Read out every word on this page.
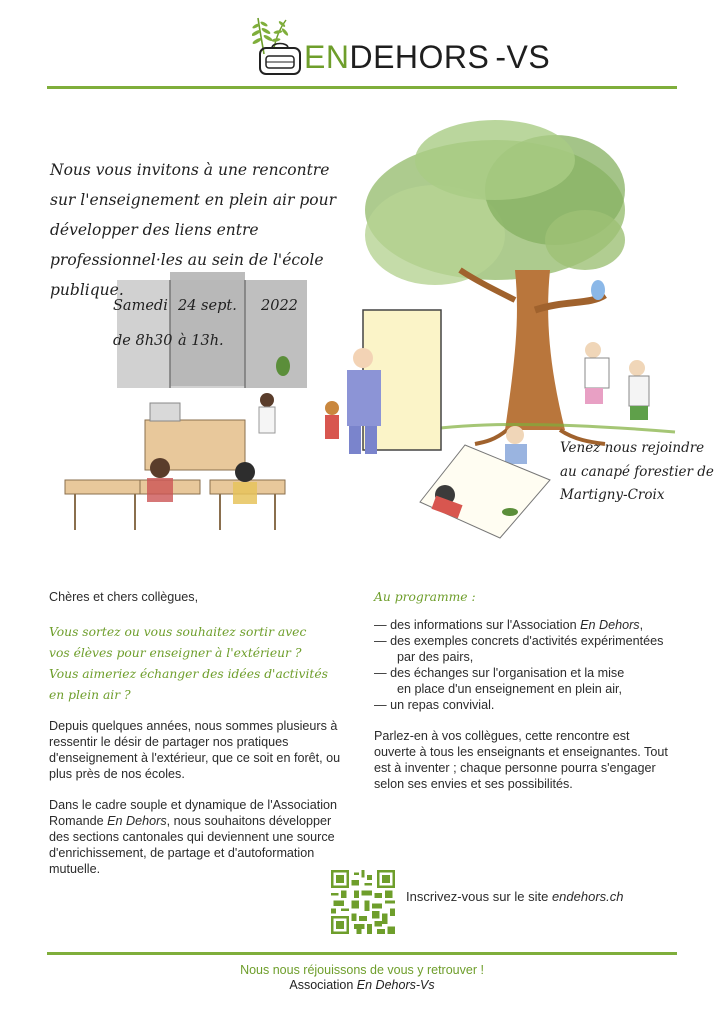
ENDEHORS -VS
Nous vous invitons à une rencontre sur l'enseignement en plein air pour développer des liens entre professionnel·les au sein de l'école publique.
Samedi 24 sept. 2022
de 8h30 à 13h.
Venez nous rejoindre au canapé forestier de Martigny-Croix
Chères et chers collègues,
Vous sortez ou vous souhaitez sortir avec
vos élèves pour enseigner à l'extérieur ?
Vous aimeriez échanger des idées d'activités
en plein air ?
Depuis quelques années, nous sommes plusieurs à ressentir le désir de partager nos pratiques d'enseignement à l'extérieur, que ce soit en forêt, ou plus près de nos écoles.
Dans le cadre souple et dynamique de l'Association Romande En Dehors, nous souhaitons développer des sections cantonales qui deviennent une source d'enrichissement, de partage et d'autoformation mutuelle.
Au programme :
— des informations sur l'Association En Dehors,
— des exemples concrets d'activités expérimentées
par des pairs,
— des échanges sur l'organisation et la mise
en place d'un enseignement en plein air,
— un repas convivial.
Parlez-en à vos collègues, cette rencontre est ouverte à tous les enseignants et enseignantes. Tout est à inventer ; chaque personne pourra s'engager selon ses envies et ses possibilités.
Inscrivez-vous sur le site endehors.ch
Nous nous réjouissons de vous y retrouver !
Association En Dehors-Vs
